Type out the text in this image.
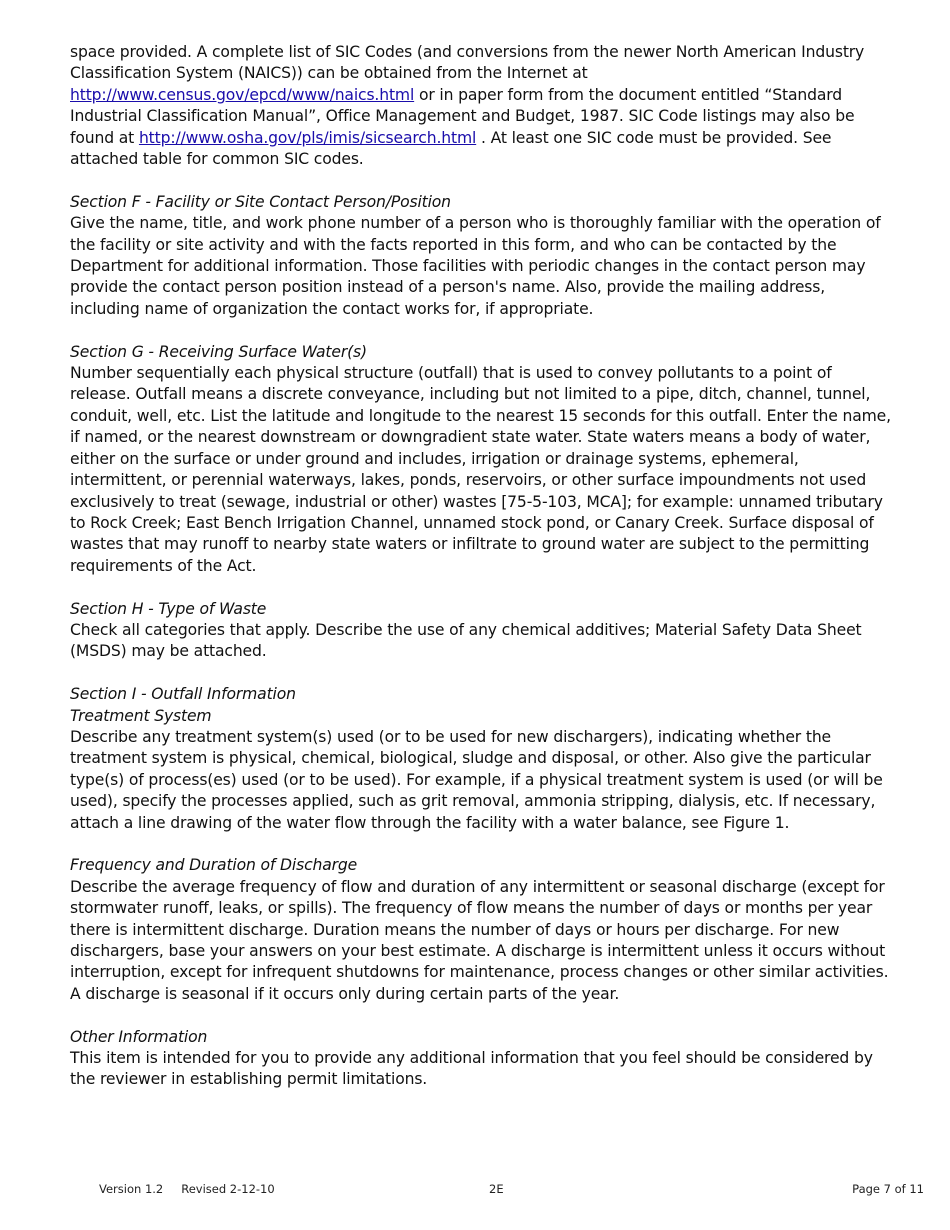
space provided. A complete list of SIC Codes (and conversions from the newer North American Industry Classification System (NAICS)) can be obtained from the Internet at http://www.census.gov/epcd/www/naics.html or in paper form from the document entitled “Standard Industrial Classification Manual”, Office Management and Budget, 1987. SIC Code listings may also be found at http://www.osha.gov/pls/imis/sicsearch.html . At least one SIC code must be provided. See attached table for common SIC codes.

Section F - Facility or Site Contact Person/Position

Give the name, title, and work phone number of a person who is thoroughly familiar with the operation of the facility or site activity and with the facts reported in this form, and who can be contacted by the Department for additional information. Those facilities with periodic changes in the contact person may provide the contact person position instead of a person's name. Also, provide the mailing address, including name of organization the contact works for, if appropriate.

Section G - Receiving Surface Water(s)

Number sequentially each physical structure (outfall) that is used to convey pollutants to a point of release. Outfall means a discrete conveyance, including but not limited to a pipe, ditch, channel, tunnel, conduit, well, etc. List the latitude and longitude to the nearest 15 seconds for this outfall. Enter the name, if named, or the nearest downstream or downgradient state water. State waters means a body of water, either on the surface or under ground and includes, irrigation or drainage systems, ephemeral, intermittent, or perennial waterways, lakes, ponds, reservoirs, or other surface impoundments not used exclusively to treat (sewage, industrial or other) wastes [75-5-103, MCA]; for example: unnamed tributary to Rock Creek; East Bench Irrigation Channel, unnamed stock pond, or Canary Creek. Surface disposal of wastes that may runoff to nearby state waters or infiltrate to ground water are subject to the permitting requirements of the Act.

Section H - Type of Waste

Check all categories that apply. Describe the use of any chemical additives; Material Safety Data Sheet (MSDS) may be attached.

Section I - Outfall Information

Treatment System

Describe any treatment system(s) used (or to be used for new dischargers), indicating whether the treatment system is physical, chemical, biological, sludge and disposal, or other. Also give the particular type(s) of process(es) used (or to be used). For example, if a physical treatment system is used (or will be used), specify the processes applied, such as grit removal, ammonia stripping, dialysis, etc. If necessary, attach a line drawing of the water flow through the facility with a water balance, see Figure 1.

Frequency and Duration of Discharge

Describe the average frequency of flow and duration of any intermittent or seasonal discharge (except for stormwater runoff, leaks, or spills). The frequency of flow means the number of days or months per year there is intermittent discharge. Duration means the number of days or hours per discharge. For new dischargers, base your answers on your best estimate. A discharge is intermittent unless it occurs without interruption, except for infrequent shutdowns for maintenance, process changes or other similar activities.

A discharge is seasonal if it occurs only during certain parts of the year.

Other Information

This item is intended for you to provide any additional information that you feel should be considered by the reviewer in establishing permit limitations.

Version 1.2 Revised 2-12-10	2E	Page 7 of 11
